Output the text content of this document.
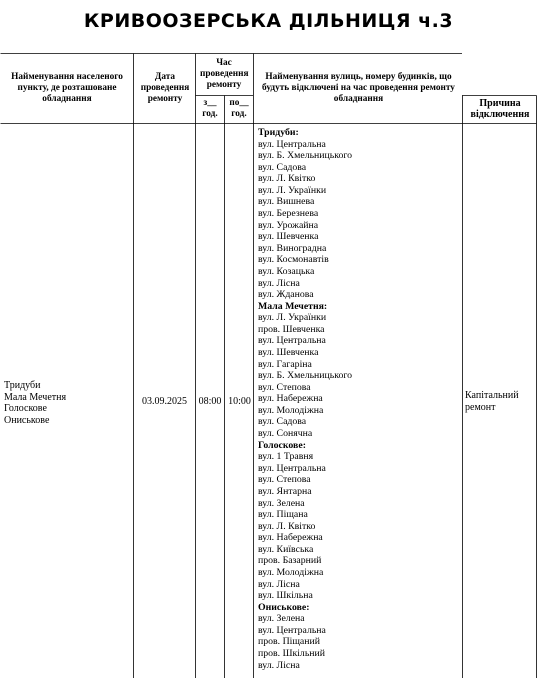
КРИВООЗЕРСЬКА ДІЛЬНИЦЯ ч.3
Найменування населеного пункту, де розташоване обладнання
Дата проведення ремонту
Час проведення ремонту
з__
год.
по__
год.
Найменування вулиць, номеру будинків, що будуть відключені на час проведення ремонту обладнання	Причина відключення
Тридуби
Мала Мечетня
Голоскове
Ониськове
03.09.2025	08:00 10:00
Капітальний
ремонт
Тридуби:
вул. Центральна
вул. Б. Хмельницького
вул. Садова
вул. Л. Квітко
вул. Л. Українки
вул. Вишнева
вул. Березнева
вул. Урожайна
вул. Шевченка
вул. Виноградна
вул. Космонавтів
вул. Козацька
вул. Лісна
вул. Жданова
Мала Мечетня:
вул. Л. Українки
пров. Шевченка
вул. Центральна
вул. Шевченка
вул. Гагаріна
вул. Б. Хмельницького
вул. Степова
вул. Набережна
вул. Молодіжна
вул. Садова
вул. Сонячна
Голоскове:
вул. 1 Травня
вул. Центральна
вул. Степова
вул. Янтарна
вул. Зелена
вул. Піщана
вул. Л. Квітко
вул. Набережна
вул. Київська
пров. Базарний
вул. Молодіжна
вул. Лісна
вул. Шкільна
Ониськове:
вул. Зелена
вул. Центральна
пров. Піщаний
пров. Шкільний
вул. Лісна
